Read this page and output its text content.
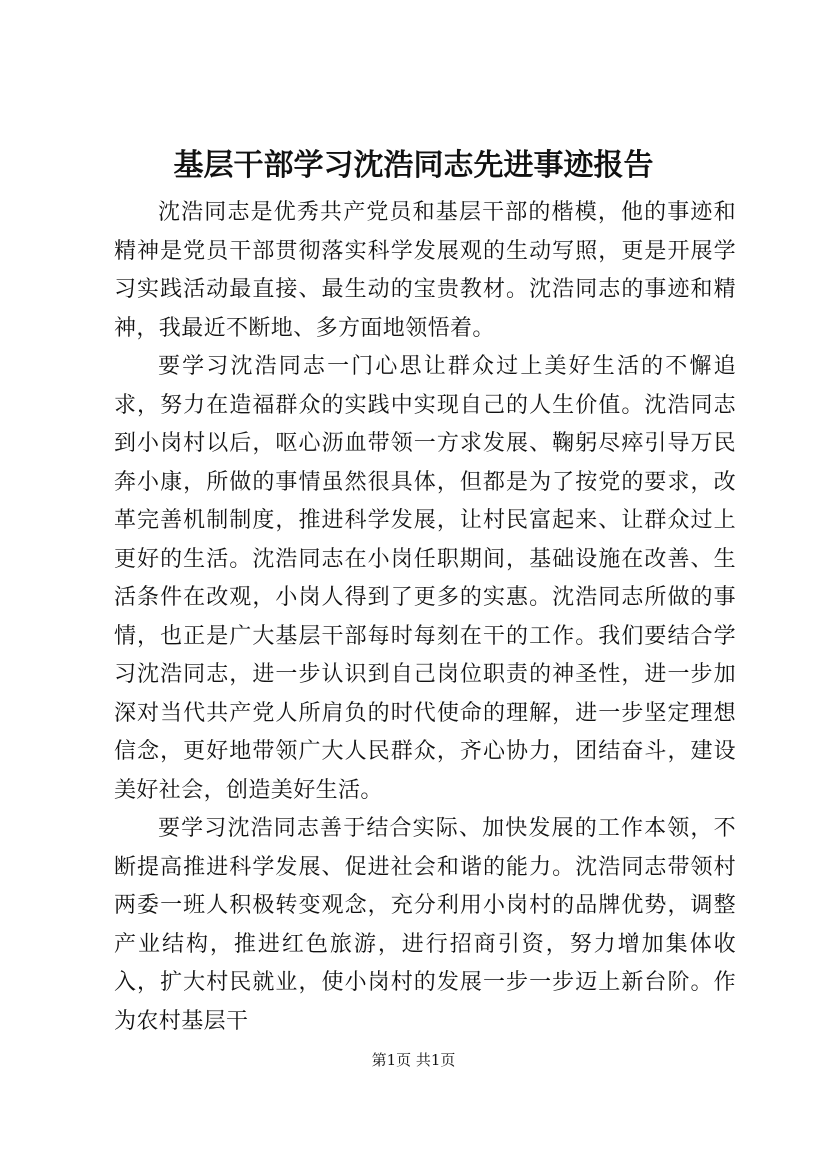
基层干部学习沈浩同志先进事迹报告

沈浩同志是优秀共产党员和基层干部的楷模，他的事迹和精神是党员干部贯彻落实科学发展观的生动写照，更是开展学习实践活动最直接、最生动的宝贵教材。沈浩同志的事迹和精神，我最近不断地、多方面地领悟着。

要学习沈浩同志一门心思让群众过上美好生活的不懈追求，努力在造福群众的实践中实现自己的人生价值。沈浩同志到小岗村以后，呕心沥血带领一方求发展、鞠躬尽瘁引导万民奔小康，所做的事情虽然很具体，但都是为了按党的要求，改革完善机制制度，推进科学发展，让村民富起来、让群众过上更好的生活。沈浩同志在小岗任职期间，基础设施在改善、生活条件在改观，小岗人得到了更多的实惠。沈浩同志所做的事情，也正是广大基层干部每时每刻在干的工作。我们要结合学习沈浩同志，进一步认识到自己岗位职责的神圣性，进一步加深对当代共产党人所肩负的时代使命的理解，进一步坚定理想信念，更好地带领广大人民群众，齐心协力，团结奋斗，建设美好社会，创造美好生活。

要学习沈浩同志善于结合实际、加快发展的工作本领，不断提高推进科学发展、促进社会和谐的能力。沈浩同志带领村两委一班人积极转变观念，充分利用小岗村的品牌优势，调整产业结构，推进红色旅游，进行招商引资，努力增加集体收入，扩大村民就业，使小岗村的发展一步一步迈上新台阶。作为农村基层干

第1页 共1页
